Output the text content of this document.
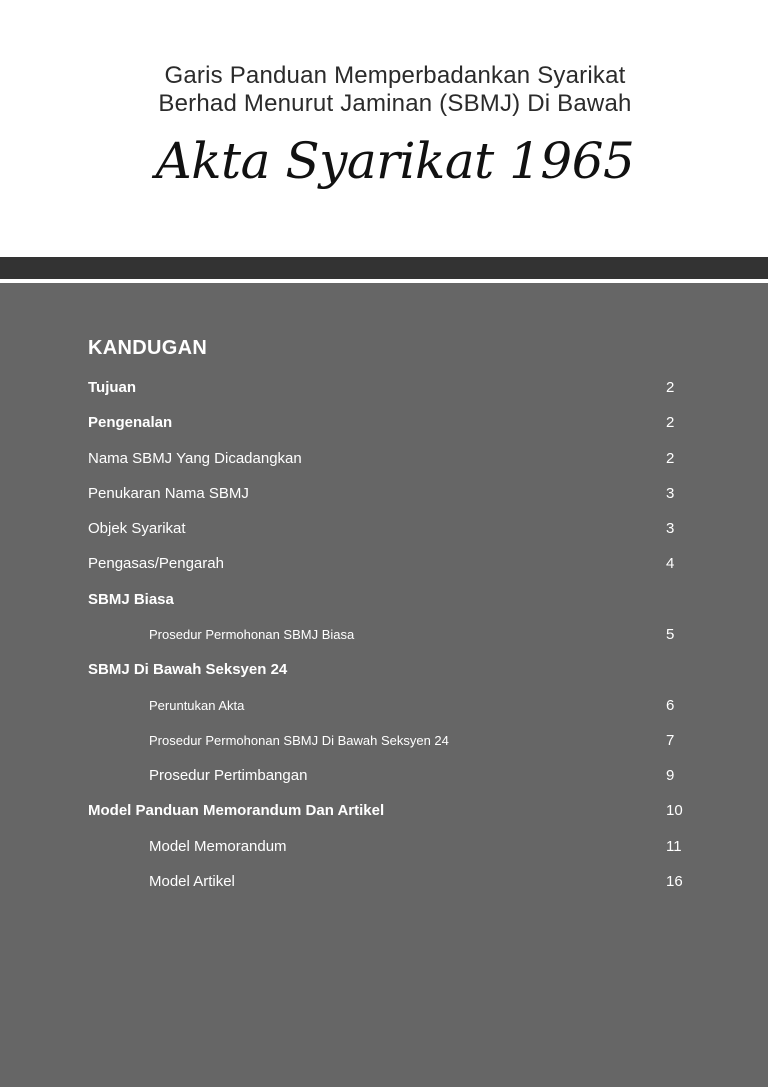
Garis Panduan Memperbadankan Syarikat
Berhad Menurut Jaminan (SBMJ) Di Bawah
Akta Syarikat 1965
KANDUGAN
Tujuan	2
Pengenalan	2
Nama SBMJ Yang Dicadangkan	2
Penukaran Nama SBMJ	3
Objek Syarikat	3
Pengasas/Pengarah	4
SBMJ Biasa
Prosedur Permohonan SBMJ Biasa	5
SBMJ Di Bawah Seksyen 24
Peruntukan Akta	6
Prosedur Permohonan SBMJ Di Bawah Seksyen 24	7
Prosedur Pertimbangan	9
Model Panduan Memorandum Dan Artikel	10
Model Memorandum	11
Model Artikel	16
